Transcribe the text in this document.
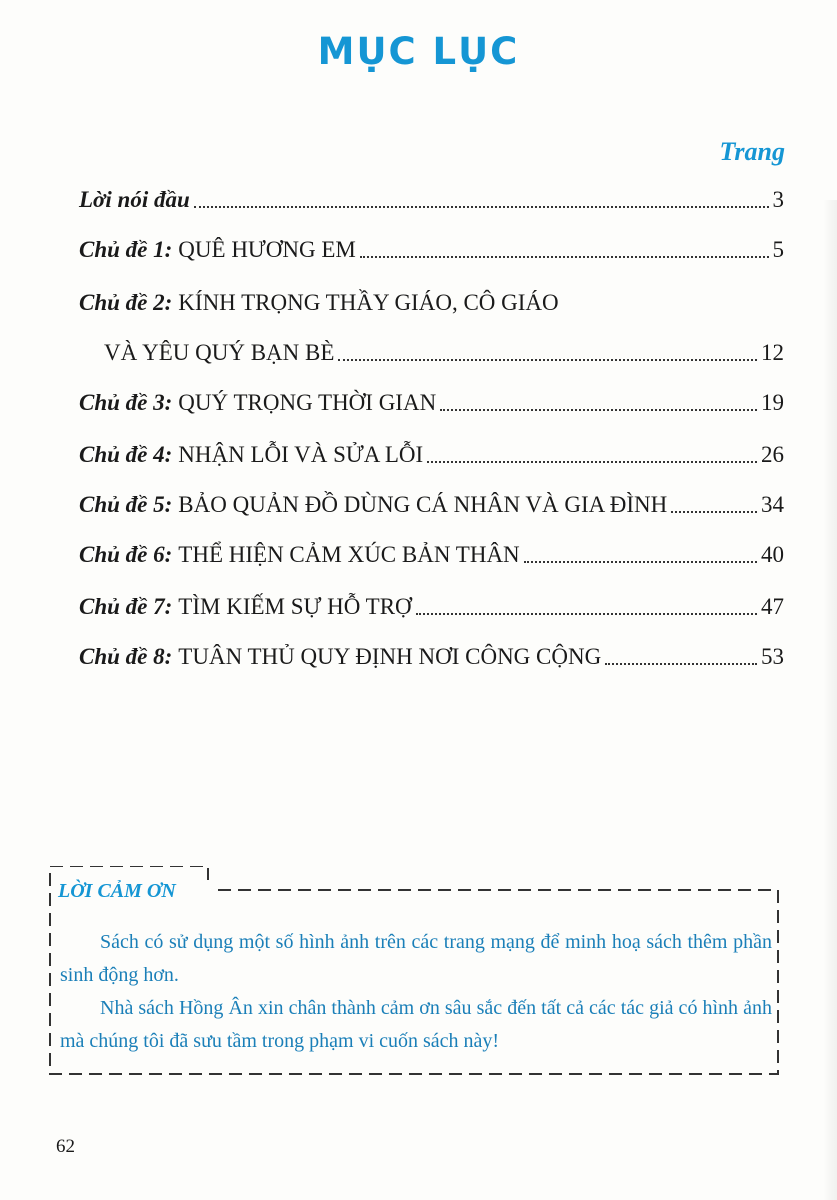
MỤC LỤC
Trang
Lời nói đầu	3
Chủ đề 1: QUÊ HƯƠNG EM	5
Chủ đề 2: KÍNH TRỌNG THẦY GIÁO, CÔ GIÁO
VÀ YÊU QUÝ BẠN BÈ	12
Chủ đề 3: QUÝ TRỌNG THỜI GIAN	19
Chủ đề 4: NHẬN LỖI VÀ SỬA LỖI	26
Chủ đề 5: BẢO QUẢN ĐỒ DÙNG CÁ NHÂN VÀ GIA ĐÌNH	34
Chủ đề 6: THỂ HIỆN CẢM XÚC BẢN THÂN	40
Chủ đề 7: TÌM KIẾM SỰ HỖ TRỢ	47
Chủ đề 8: TUÂN THỦ QUY ĐỊNH NƠI CÔNG CỘNG	53
LỜI CẢM ƠN

Sách có sử dụng một số hình ảnh trên các trang mạng để minh hoạ sách thêm phần sinh động hơn.

Nhà sách Hồng Ân xin chân thành cảm ơn sâu sắc đến tất cả các tác giả có hình ảnh mà chúng tôi đã sưu tầm trong phạm vi cuốn sách này!

62
